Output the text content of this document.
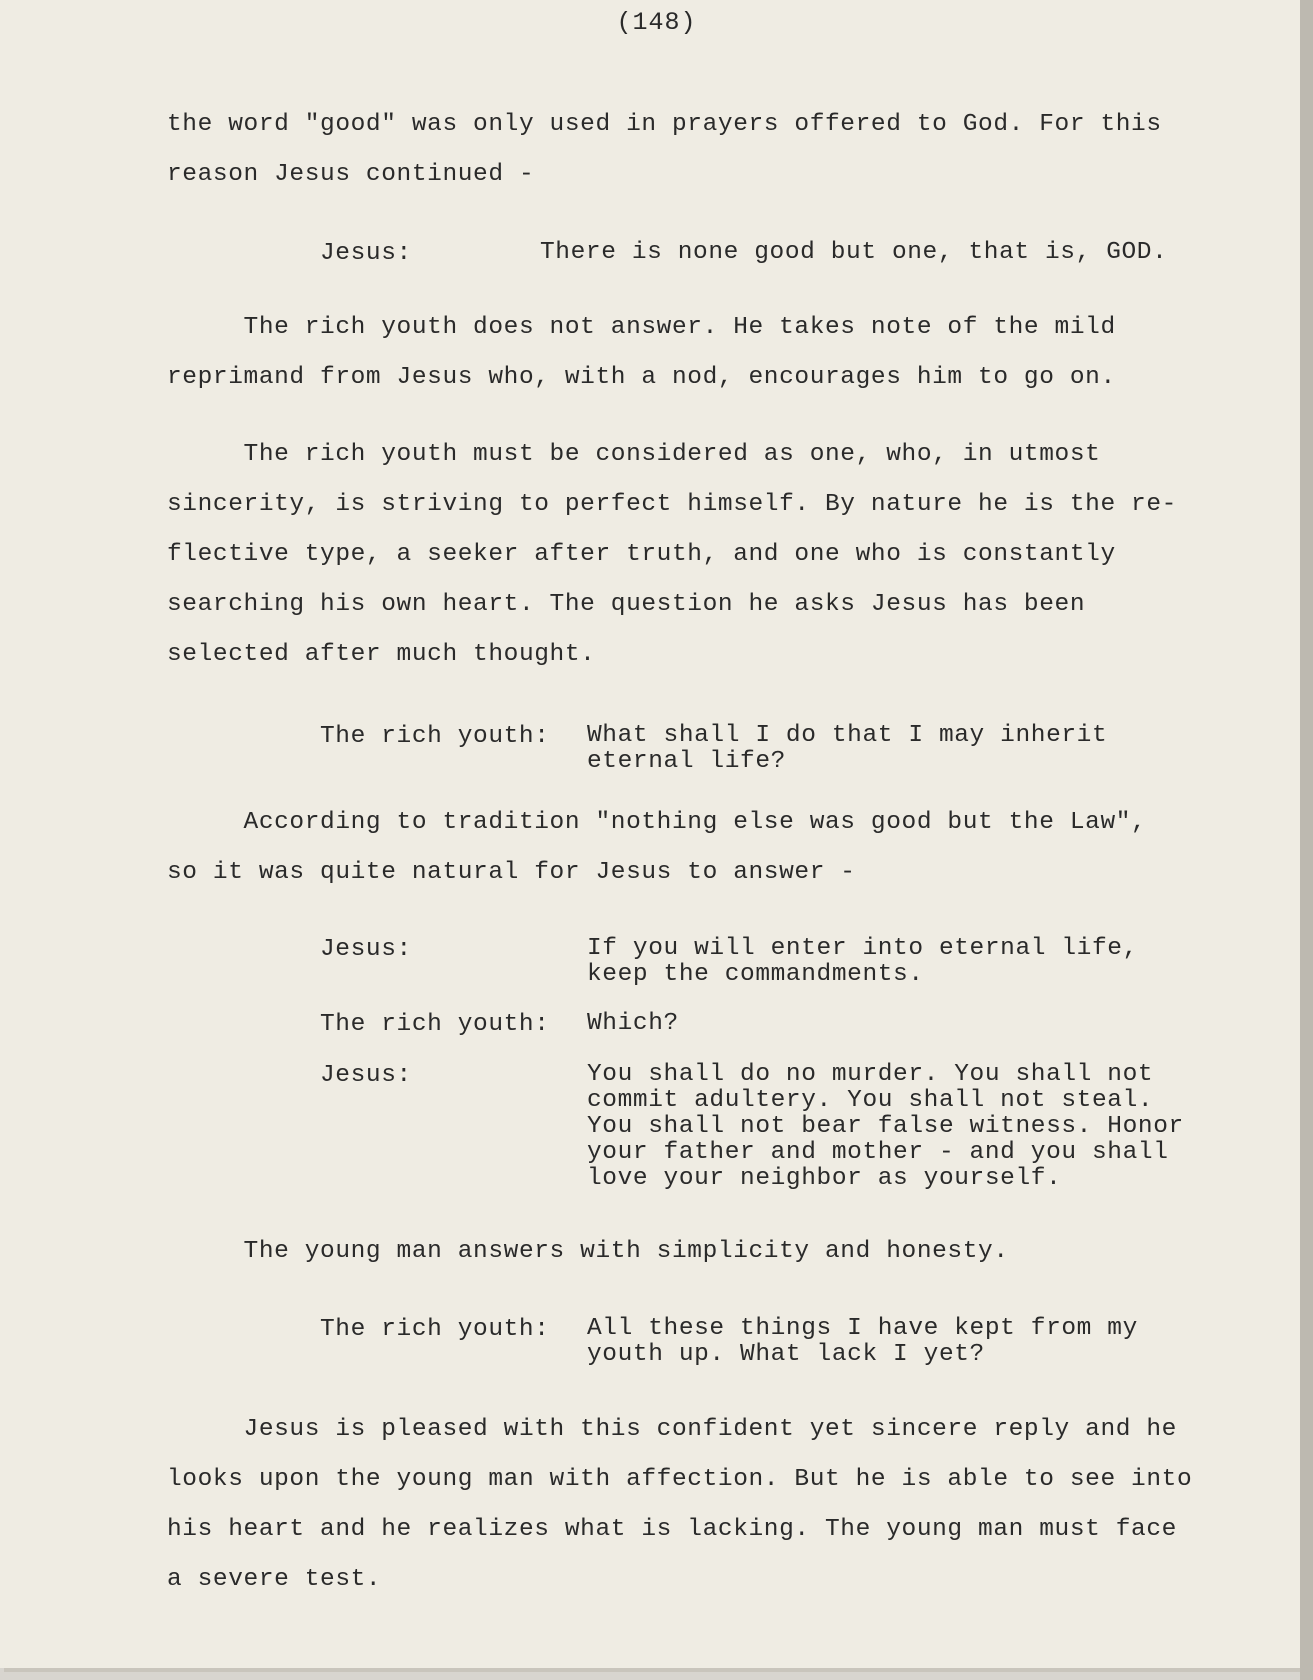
(148)

the word "good" was only used in prayers offered to God. For this
reason Jesus continued -

Jesus:	There is none good but one, that is, GOD.

The rich youth does not answer. He takes note of the mild
reprimand from Jesus who, with a nod, encourages him to go on.

The rich youth must be considered as one, who, in utmost
sincerity, is striving to perfect himself. By nature he is the re-
flective type, a seeker after truth, and one who is constantly
searching his own heart. The question he asks Jesus has been
selected after much thought.

The rich youth: What shall I do that I may inherit
eternal life?

According to tradition "nothing else was good but the Law",
so it was quite natural for Jesus to answer -

Jesus:	If you will enter into eternal life,
keep the commandments.
The rich youth: Which?
Jesus:	You shall do no murder. You shall not
commit adultery. You shall not steal.
You shall not bear false witness. Honor
your father and mother - and you shall
love your neighbor as yourself.

The young man answers with simplicity and honesty.

The rich youth: All these things I have kept from my
youth up. What lack I yet?

Jesus is pleased with this confident yet sincere reply and he
looks upon the young man with affection. But he is able to see into
his heart and he realizes what is lacking. The young man must face
a severe test.
